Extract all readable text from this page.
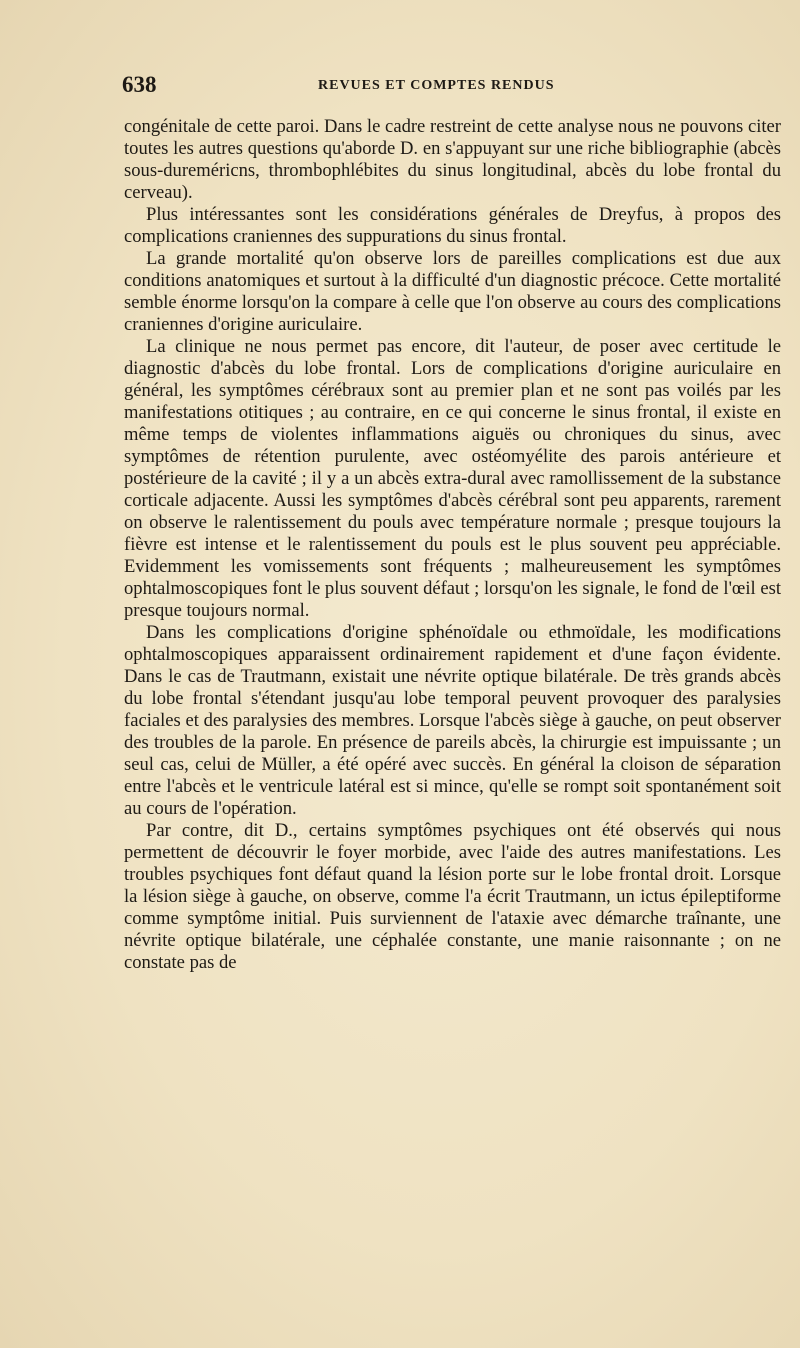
638	REVUES ET COMPTES RENDUS

congénitale de cette paroi. Dans le cadre restreint de cette analyse nous ne pouvons citer toutes les autres questions qu'aborde D. en s'appuyant sur une riche bibliographie (abcès sous-dureméricns, thrombophlébites du sinus longitudinal, abcès du lobe frontal du cerveau).

Plus intéressantes sont les considérations générales de Dreyfus, à propos des complications craniennes des suppurations du sinus frontal.

La grande mortalité qu'on observe lors de pareilles complications est due aux conditions anatomiques et surtout à la difficulté d'un diagnostic précoce. Cette mortalité semble énorme lorsqu'on la compare à celle que l'on observe au cours des complications craniennes d'origine auriculaire.

La clinique ne nous permet pas encore, dit l'auteur, de poser avec certitude le diagnostic d'abcès du lobe frontal. Lors de complications d'origine auriculaire en général, les symptômes cérébraux sont au premier plan et ne sont pas voilés par les manifestations otitiques ; au contraire, en ce qui concerne le sinus frontal, il existe en même temps de violentes inflammations aiguës ou chroniques du sinus, avec symptômes de rétention purulente, avec ostéomyélite des parois antérieure et postérieure de la cavité ; il y a un abcès extra-dural avec ramollissement de la substance corticale adjacente. Aussi les symptômes d'abcès cérébral sont peu apparents, rarement on observe le ralentissement du pouls avec température normale ; presque toujours la fièvre est intense et le ralentissement du pouls est le plus souvent peu appréciable. Evidemment les vomissements sont fréquents ; malheureusement les symptômes ophtalmoscopiques font le plus souvent défaut ; lorsqu'on les signale, le fond de l'œil est presque toujours normal.

Dans les complications d'origine sphénoïdale ou ethmoïdale, les modifications ophtalmoscopiques apparaissent ordinairement rapidement et d'une façon évidente. Dans le cas de Trautmann, existait une névrite optique bilatérale. De très grands abcès du lobe frontal s'étendant jusqu'au lobe temporal peuvent provoquer des paralysies faciales et des paralysies des membres. Lorsque l'abcès siège à gauche, on peut observer des troubles de la parole. En présence de pareils abcès, la chirurgie est impuissante ; un seul cas, celui de Müller, a été opéré avec succès. En général la cloison de séparation entre l'abcès et le ventricule latéral est si mince, qu'elle se rompt soit spontanément soit au cours de l'opération.

Par contre, dit D., certains symptômes psychiques ont été observés qui nous permettent de découvrir le foyer morbide, avec l'aide des autres manifestations. Les troubles psychiques font défaut quand la lésion porte sur le lobe frontal droit. Lorsque la lésion siège à gauche, on observe, comme l'a écrit Trautmann, un ictus épileptiforme comme symptôme initial. Puis surviennent de l'ataxie avec démarche traînante, une névrite optique bilatérale, une céphalée constante, une manie raisonnante ; on ne constate pas de
